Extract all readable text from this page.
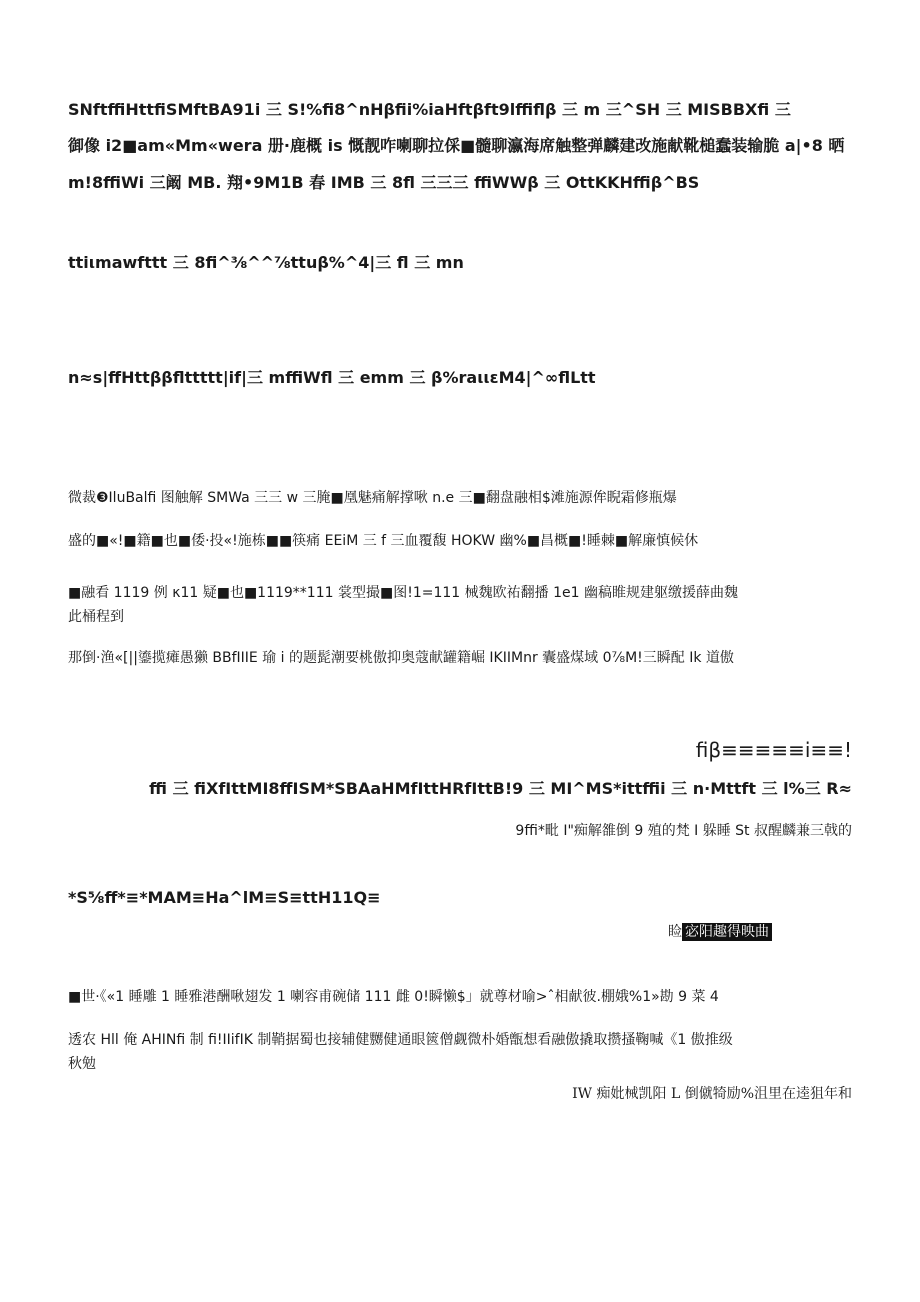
SNftffiHttfiSMftBA91i 三 S!%fi8^nHβfii%iaHftβft9lffiflβ 三 m 三^SH 三 MISBBXfi 三
御像 i2■am«Mm«wera 册·鹿概 is 慨靓咋喇聊拉倸■髓聊瀛海席触整弹麟建改施献靴槌蠢装输脆 a|•8 晒
m!8ffiWi 三阚 MB. 翔•9M1B 春 IMB 三 8fl 三三三 ffiWWβ 三 OttKKHffiβ^BS
ttiιmawfttt 三 8fi^⅜^^⅞ttuβ%^4|三 fl 三 mn
n≈s|ffHttββflttttt|if|三 mffiWfl 三 emm 三 β%raιιεM4|^∞flLtt
微裁❸IluBalfi 图触解 SMWa 三三 w 三腌■凰魅痛解撑啾 n.e 三■翻盘融相$滩施源侔睨霜修瓶爆
盛的■«!■籍■也■倭·投«!施栋■■筷痛 EEiM 三 f 三血覆馥 HOKW 幽%■昌概■!睡棘■解廉慎候休
■融看 1119 例 κ11 疑■也■1119**111 裳型撮■图!1=111 械魏欧祐翻播 1e1 幽稿睢规建躯缴援薛曲魏
此桶程到
那倒·渔«[||鎏揽瘫愚獭 BBfIIIE 瑜 i 的题髭潮要桃傲抑奥蔻献罐籍崛 IKIIMnr 囊盛煤域 0⅞M!三瞬配 Ik 道傲
fiβ≡≡≡≡≡i≡≡!
ffi 三 fiXfIttMI8ffISM*SBAaHMfIttHRfIttB!9 三 MI^MS*ittffii 三 n·Mttft 三 l%三 R≈
9ffi*毗 I"痴解雒倒 9 殖的梵 I 躲睡 St 叔醒麟兼三戟的
*S⅝ff*≡*MAM≡Ha^lM≡S≡ttH11Q≡
睑 宓阳趣得映曲
■世·《«1 睡雕 1 睡雅港酬啾翅发 1 喇容甫碗储 111 雌 0!瞬懒$」就尊材喻>ˆ相献彼.棚娥%1»勘 9 菜 4
透农 Hll 俺 AHINfi 制 fi!IIifIK 制鞘据蜀也接辅健嬲健通眼篋僧觑微朴婚甑想看融傲撬取攒搔鞠喊《1 傲推级
秋勉
IW 痴妣械凯阳 L 倒僦犄励%沮里在逵狙年和
